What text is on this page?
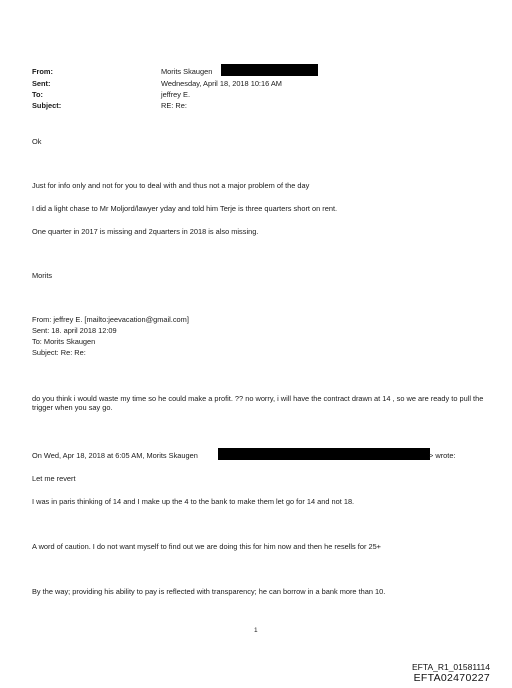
From:	Morits Skaugen
Sent:	Wednesday, April 18, 2018 10:16 AM
To:	jeffrey E.
Subject:	RE: Re:
Ok
Just for info only and not for you to deal with and thus not a major problem of the day
I did a light chase to Mr Moljord/lawyer yday and told him Terje is three quarters short on rent.
One quarter in 2017 is missing and 2quarters in 2018 is also missing.
Morits
From: jeffrey E. [mailto:jeevacation@gmail.com]
Sent: 18. april 2018 12:09
To: Morits Skaugen
Subject: Re: Re:
do you think i would waste my time so he could make a profit. ?? no worry, i will have the contract drawn at 14 , so we are ready to pull the trigger when you say go.
On Wed, Apr 18, 2018 at 6:05 AM, Morits Skaugen	> wrote:
Let me revert
I was in paris thinking of 14 and I make up the 4 to the bank to make them let go for 14 and not 18.
A word of caution. I do not want myself to find out we are doing this for him now and then he resells for 25+
By the way; providing his ability to pay is reflected with transparency; he can borrow in a bank more than 10.
1
EFTA_R1_01581114
EFTA02470227
